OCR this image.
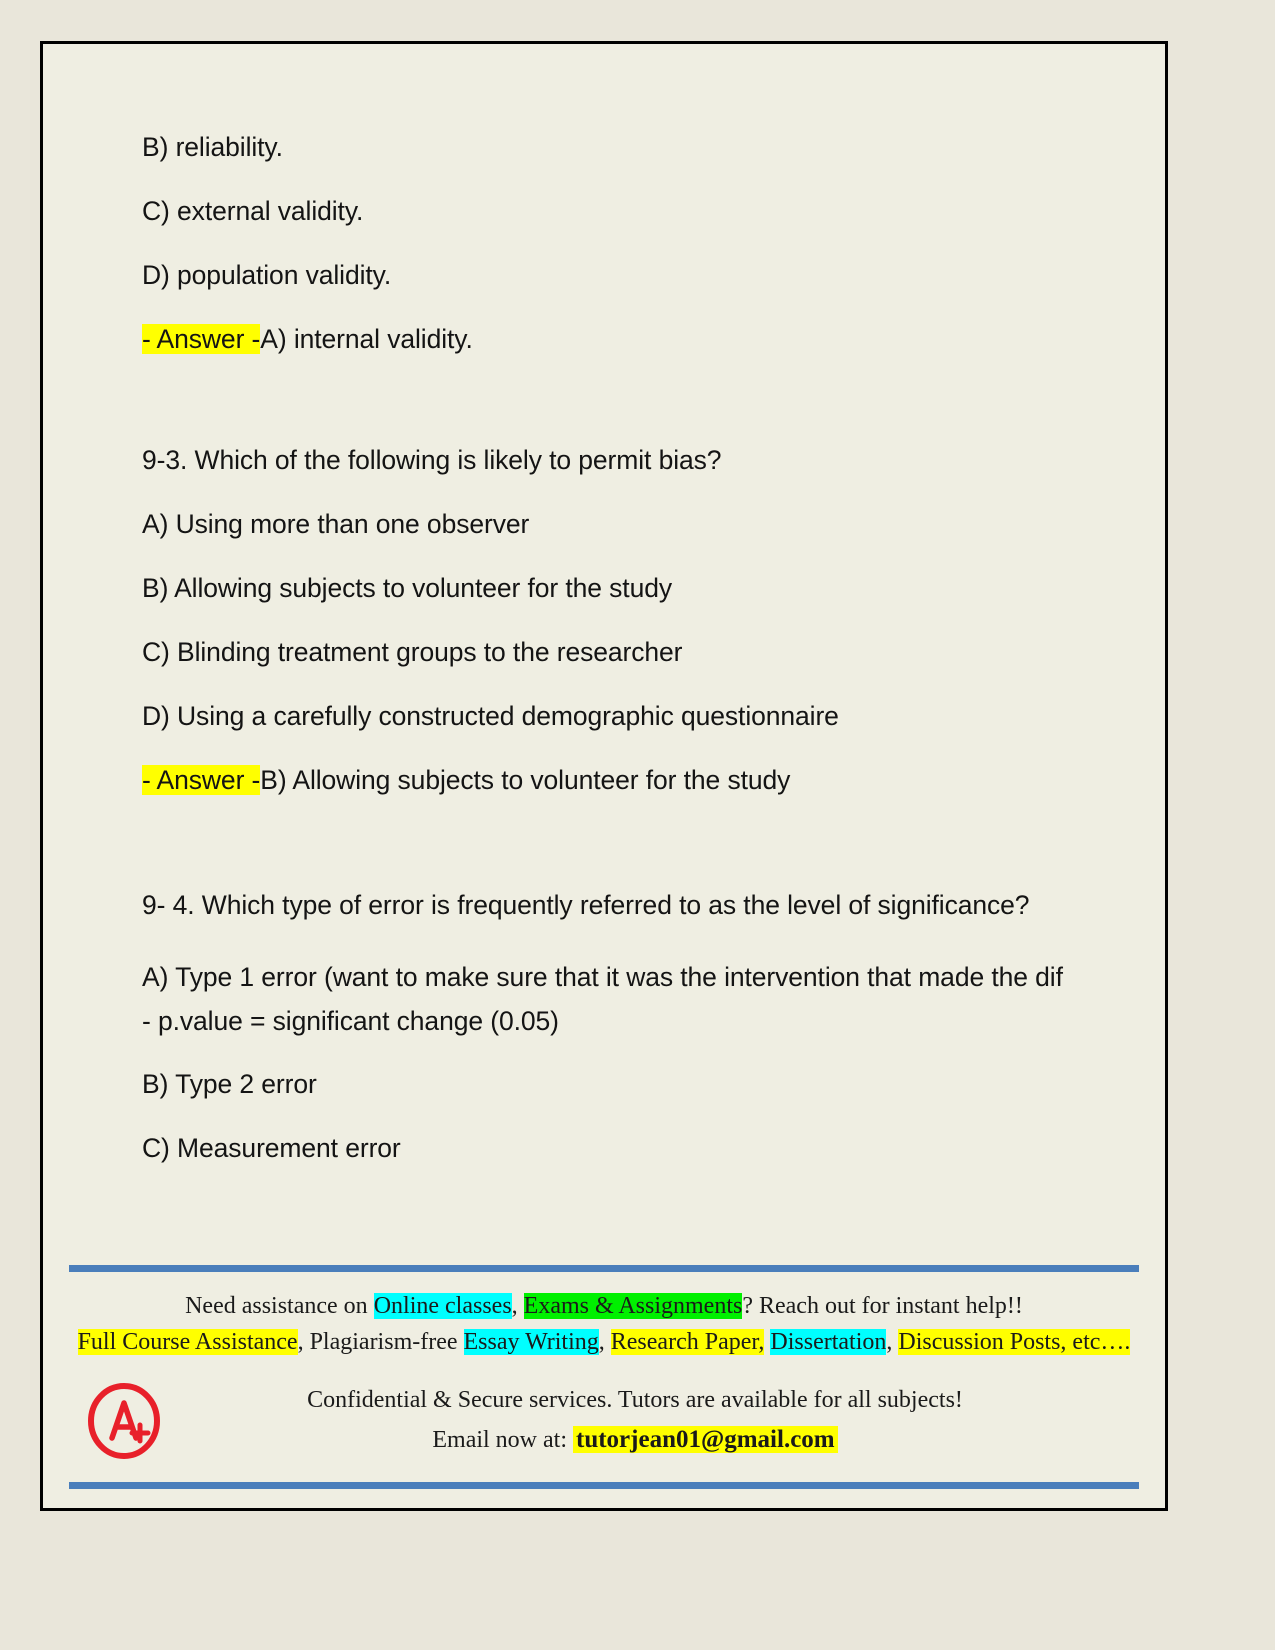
B) reliability.

C) external validity.

D) population validity.

- Answer -A) internal validity.

9-3. Which of the following is likely to permit bias?

A) Using more than one observer

B) Allowing subjects to volunteer for the study

C) Blinding treatment groups to the researcher

D) Using a carefully constructed demographic questionnaire

- Answer -B) Allowing subjects to volunteer for the study

9- 4. Which type of error is frequently referred to as the level of significance?

A) Type 1 error (want to make sure that it was the intervention that made the dif - p.value = significant change (0.05)

B) Type 2 error

C) Measurement error

Need assistance on Online classes, Exams & Assignments? Reach out for instant help!!
Full Course Assistance, Plagiarism-free Essay Writing, Research Paper, Dissertation, Discussion Posts, etc….
Confidential & Secure services. Tutors are available for all subjects!
Email now at: tutorjean01@gmail.com
